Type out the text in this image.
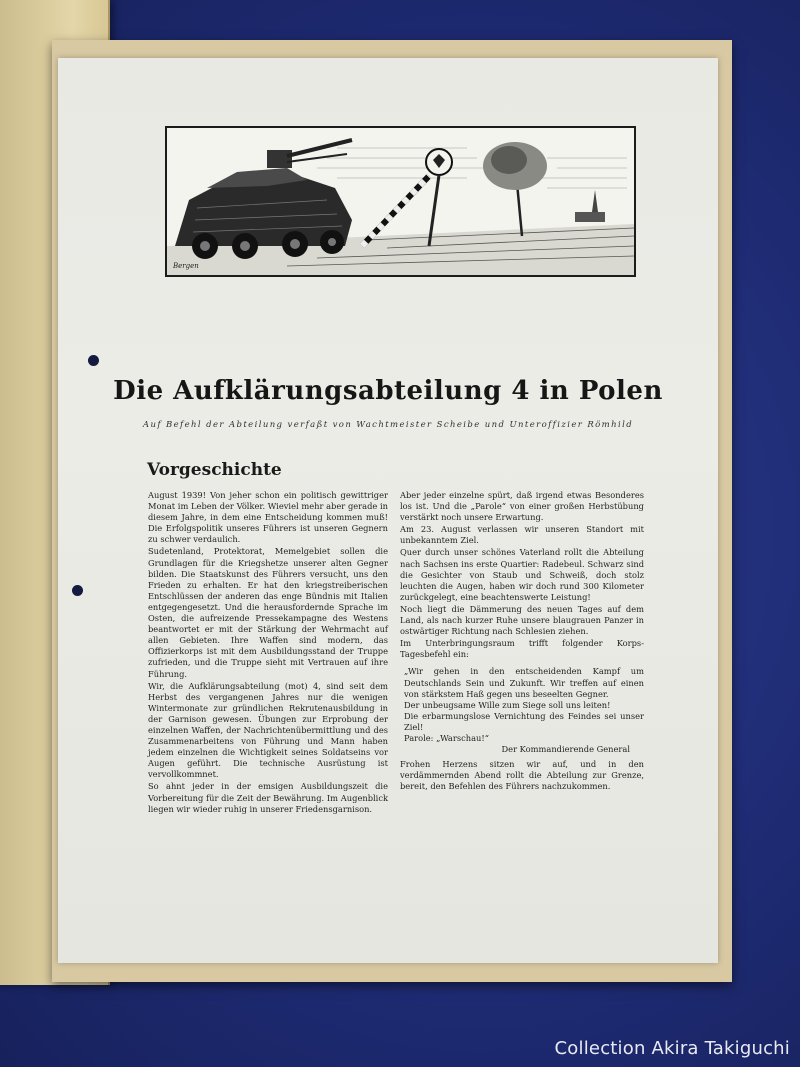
Bergen
Die Aufklärungsabteilung 4 in Polen

Auf Befehl der Abteilung verfaßt von Wachtmeister Scheibe und Unteroffizier Römhild

Vorgeschichte

August 1939! Von jeher schon ein politisch gewittriger Monat im Leben der Völker. Wieviel mehr aber gerade in diesem Jahre, in dem eine Entscheidung kommen muß! Die Erfolgspolitik unseres Führers ist unseren Gegnern zu schwer verdaulich.

Sudetenland, Protektorat, Memelgebiet sollen die Grundlagen für die Kriegshetze unserer alten Gegner bilden. Die Staatskunst des Führers versucht, uns den Frieden zu erhalten. Er hat den kriegstreiberischen Entschlüssen der anderen das enge Bündnis mit Italien entgegengesetzt. Und die herausfordernde Sprache im Osten, die aufreizende Pressekampagne des Westens beantwortet er mit der Stärkung der Wehrmacht auf allen Gebieten. Ihre Waffen sind modern, das Offizierkorps ist mit dem Ausbildungsstand der Truppe zufrieden, und die Truppe sieht mit Vertrauen auf ihre Führung.

Wir, die Aufklärungsabteilung (mot) 4, sind seit dem Herbst des vergangenen Jahres nur die wenigen Wintermonate zur gründlichen Rekrutenausbildung in der Garnison gewesen. Übungen zur Erprobung der einzelnen Waffen, der Nachrichtenübermittlung und des Zusammenarbeitens von Führung und Mann haben jedem einzelnen die Wichtigkeit seines Soldatseins vor Augen geführt. Die technische Ausrüstung ist vervollkommnet.

So ahnt jeder in der emsigen Ausbildungszeit die Vorbereitung für die Zeit der Bewährung. Im Augenblick liegen wir wieder ruhig in unserer Friedensgarnison.

Aber jeder einzelne spürt, daß irgend etwas Besonderes los ist. Und die „Parole“ von einer großen Herbstübung verstärkt noch unsere Erwartung.

Am 23. August verlassen wir unseren Standort mit unbekanntem Ziel.

Quer durch unser schönes Vaterland rollt die Abteilung nach Sachsen ins erste Quartier: Radebeul. Schwarz sind die Gesichter von Staub und Schweiß, doch stolz leuchten die Augen, haben wir doch rund 300 Kilometer zurückgelegt, eine beachtenswerte Leistung!

Noch liegt die Dämmerung des neuen Tages auf dem Land, als nach kurzer Ruhe unsere blaugrauen Panzer in ostwärtiger Richtung nach Schlesien ziehen.

Im Unterbringungsraum trifft folgender Korps-Tagesbefehl ein:

„Wir gehen in den entscheidenden Kampf um Deutschlands Sein und Zukunft. Wir treffen auf einen von stärkstem Haß gegen uns beseelten Gegner.

Der unbeugsame Wille zum Siege soll uns leiten!

Die erbarmungslose Vernichtung des Feindes sei unser Ziel!

Parole: „Warschau!“

Der Kommandierende General

Frohen Herzens sitzen wir auf, und in den verdämmernden Abend rollt die Abteilung zur Grenze, bereit, den Befehlen des Führers nachzukommen.

Collection Akira Takiguchi
